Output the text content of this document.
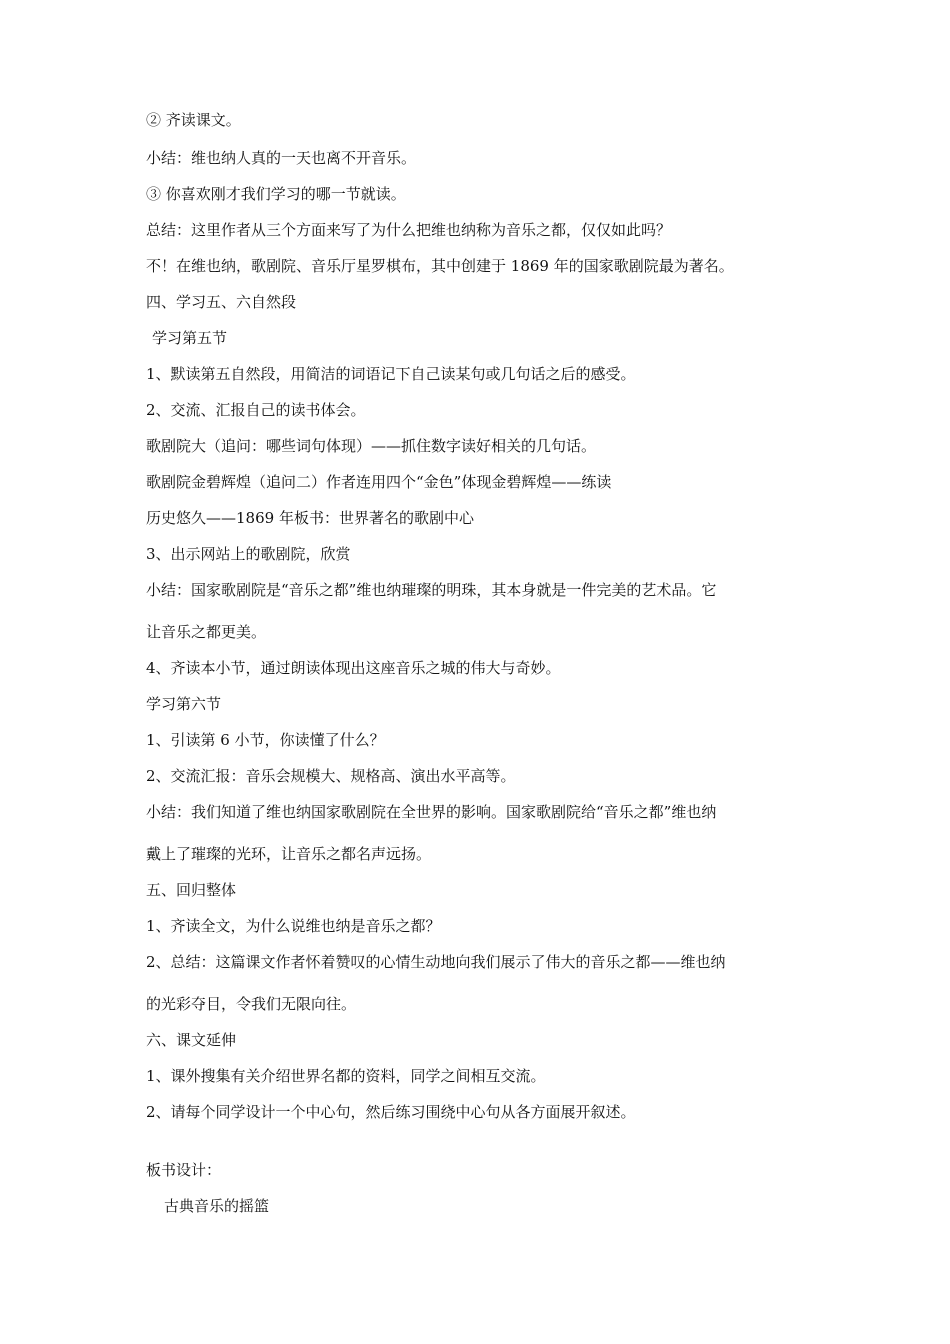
② 齐读课文。
小结：维也纳人真的一天也离不开音乐。
③ 你喜欢刚才我们学习的哪一节就读。
总结：这里作者从三个方面来写了为什么把维也纳称为音乐之都，仅仅如此吗？
不！在维也纳，歌剧院、音乐厅星罗棋布，其中创建于 1869 年的国家歌剧院最为著名。
四、学习五、六自然段
学习第五节
1、默读第五自然段，用简洁的词语记下自己读某句或几句话之后的感受。
2、交流、汇报自己的读书体会。
歌剧院大（追问：哪些词句体现）——抓住数字读好相关的几句话。
歌剧院金碧辉煌（追问二）作者连用四个“金色”体现金碧辉煌——练读
历史悠久——1869 年板书：世界著名的歌剧中心
3、出示网站上的歌剧院，欣赏
小结：国家歌剧院是“音乐之都”维也纳璀璨的明珠，其本身就是一件完美的艺术品。它
让音乐之都更美。
4、齐读本小节，通过朗读体现出这座音乐之城的伟大与奇妙。
学习第六节
1、引读第 6 小节，你读懂了什么？
2、交流汇报：音乐会规模大、规格高、演出水平高等。
小结：我们知道了维也纳国家歌剧院在全世界的影响。国家歌剧院给“音乐之都”维也纳
戴上了璀璨的光环，让音乐之都名声远扬。
五、回归整体
1、齐读全文，为什么说维也纳是音乐之都？
2、总结：这篇课文作者怀着赞叹的心情生动地向我们展示了伟大的音乐之都——维也纳
的光彩夺目，令我们无限向往。
六、课文延伸
1、课外搜集有关介绍世界名都的资料，同学之间相互交流。
2、请每个同学设计一个中心句，然后练习围绕中心句从各方面展开叙述。
板书设计：
古典音乐的摇篮
